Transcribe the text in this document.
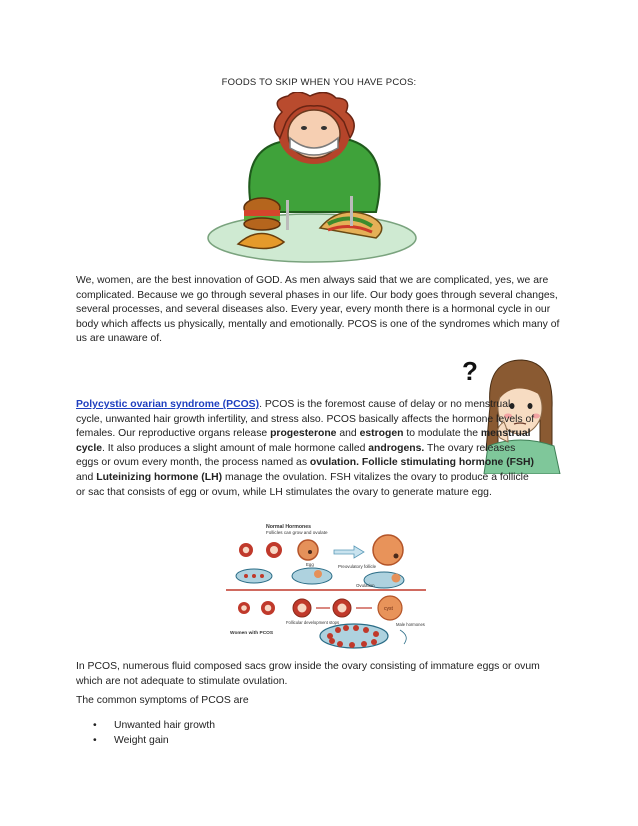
FOODS TO SKIP WHEN YOU HAVE PCOS:

We, women, are the best innovation of GOD. As men always said that we are complicated, yes, we are complicated. Because we go through several phases in our life. Our body goes through several changes, several processes, and several diseases also. Every year, every month there is a hormonal cycle in our body which affects us physically, mentally and emotionally. PCOS is one of the syndromes which many of us are unaware of.

?

Polycystic ovarian syndrome (PCOS). PCOS is the foremost cause of delay or no menstrual cycle, unwanted hair growth infertility, and stress also. PCOS basically affects the hormone levels of females. Our reproductive organs release progesterone and estrogen to modulate the menstrual cycle. It also produces a slight amount of male hormone called androgens. The ovary releases eggs or ovum every month, the process named as ovulation. Follicle stimulating hormone (FSH) and Luteinizing hormone (LH) manage the ovulation. FSH vitalizes the ovary to produce a follicle or sac that consists of egg or ovum, while LH stimulates the ovary to generate mature egg.

Normal Hormones
Follicles can grow and ovulate
Egg	Preovulatory follicle
Ovulation
cyst
Women with PCOS
Follicular development stops	Male hormones

In PCOS, numerous fluid composed sacs grow inside the ovary consisting of immature eggs or ovum which are not adequate to stimulate ovulation.

The common symptoms of PCOS are

• Unwanted hair growth
• Weight gain
